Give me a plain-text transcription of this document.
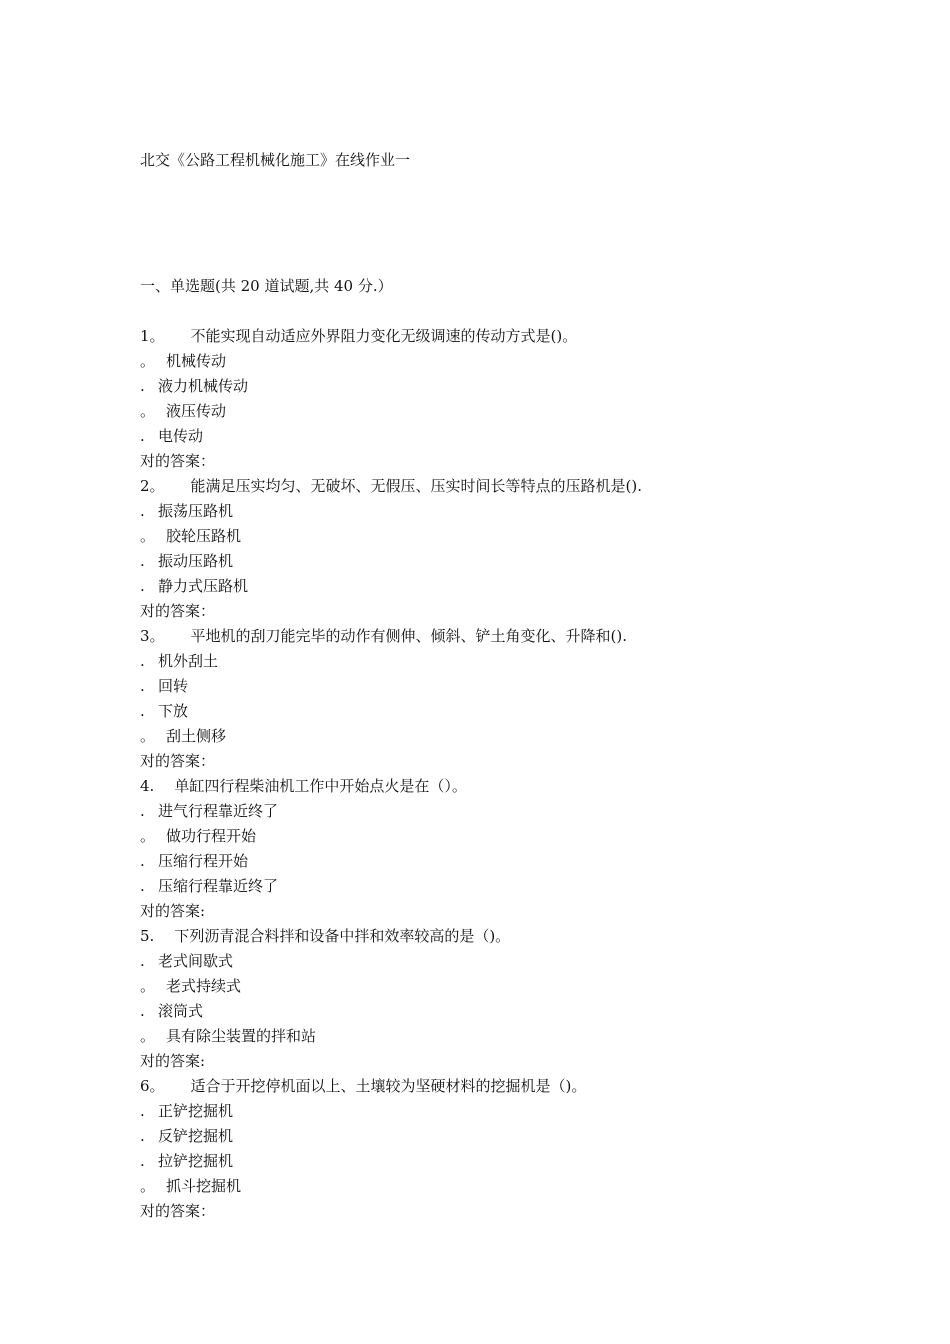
北交《公路工程机械化施工》在线作业一
一、单选题(共 20 道试题,共 40 分.）
1。 不能实现自动适应外界阻力变化无级调速的传动方式是()。
。 机械传动
. 液力机械传动
。 液压传动
. 电传动
对的答案：
2。 能满足压实均匀、无破坏、无假压、压实时间长等特点的压路机是().
. 振荡压路机
。 胶轮压路机
. 振动压路机
. 静力式压路机
对的答案：
3。 平地机的刮刀能完毕的动作有侧伸、倾斜、铲土角变化、升降和().
. 机外刮土
. 回转
. 下放
。 刮土侧移
对的答案：
4. 单缸四行程柴油机工作中开始点火是在（）。
. 进气行程靠近终了
。 做功行程开始
. 压缩行程开始
. 压缩行程靠近终了
对的答案:
5. 下列沥青混合料拌和设备中拌和效率较高的是（)。
. 老式间歇式
。 老式持续式
. 滚筒式
。 具有除尘装置的拌和站
对的答案:
6。 适合于开挖停机面以上、土壤较为坚硬材料的挖掘机是（)。
. 正铲挖掘机
. 反铲挖掘机
. 拉铲挖掘机
。 抓斗挖掘机
对的答案：
